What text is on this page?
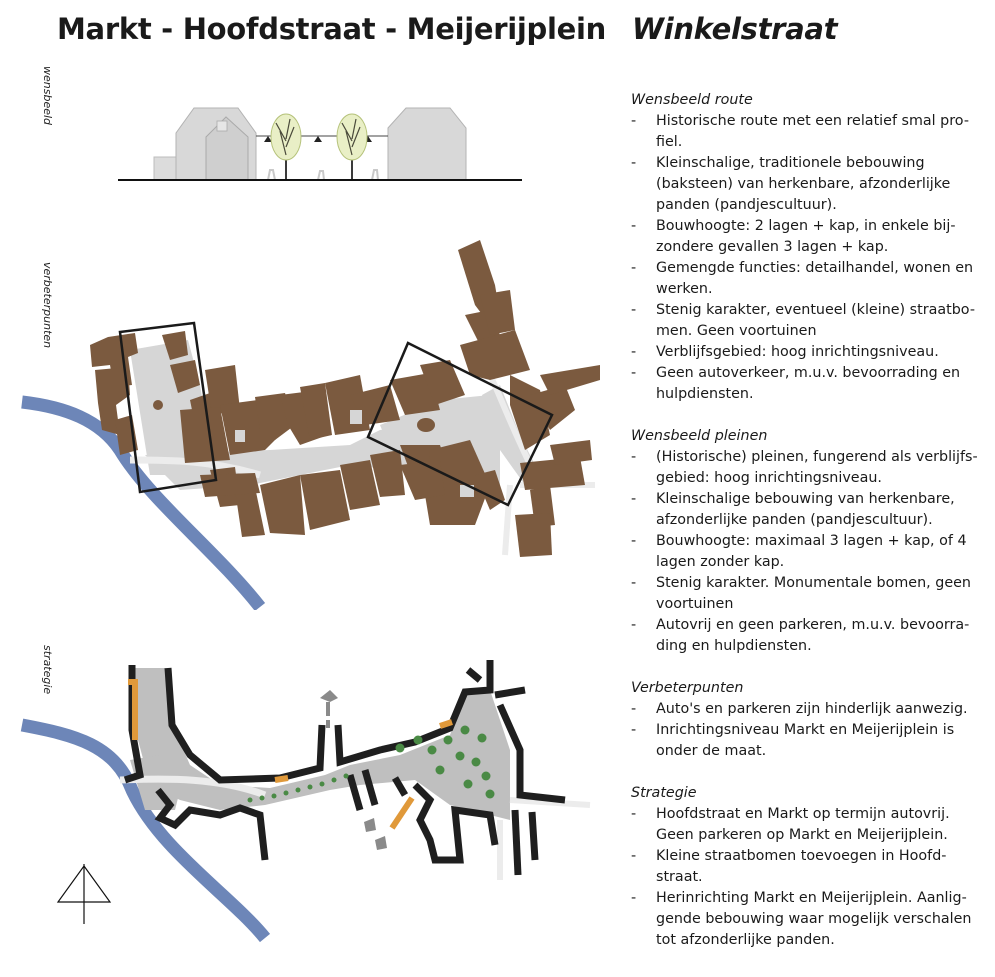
Markt - Hoofdstraat - Meijerijplein Winkelstraat
wensbeeld
verbeterpunten
strategie
Wensbeeld route
- Historische route met een relatief smal pro-
fiel.
- Kleinschalige, traditionele bebouwing
(baksteen) van herkenbare, afzonderlijke
panden (pandjescultuur).
- Bouwhoogte: 2 lagen + kap, in enkele bij-
zondere gevallen 3 lagen + kap.
- Gemengde functies: detailhandel, wonen en
werken.
- Stenig karakter, eventueel (kleine) straatbo-
men. Geen voortuinen
- Verblijfsgebied: hoog inrichtingsniveau.
- Geen autoverkeer, m.u.v. bevoorrading en
hulpdiensten.
Wensbeeld pleinen
- (Historische) pleinen, fungerend als verblijfs-
gebied: hoog inrichtingsniveau.
- Kleinschalige bebouwing van herkenbare,
afzonderlijke panden (pandjescultuur).
- Bouwhoogte: maximaal 3 lagen + kap, of 4
lagen zonder kap.
- Stenig karakter. Monumentale bomen, geen
voortuinen
- Autovrij en geen parkeren, m.u.v. bevoorra-
ding en hulpdiensten.
Verbeterpunten
- Auto's en parkeren zijn hinderlijk aanwezig.
- Inrichtingsniveau Markt en Meijerijplein is
onder de maat.
Strategie
- Hoofdstraat en Markt op termijn autovrij.
Geen parkeren op Markt en Meijerijplein.
- Kleine straatbomen toevoegen in Hoofd-
straat.
- Herinrichting Markt en Meijerijplein. Aanlig-
gende bebouwing waar mogelijk verschalen
tot afzonderlijke panden.
